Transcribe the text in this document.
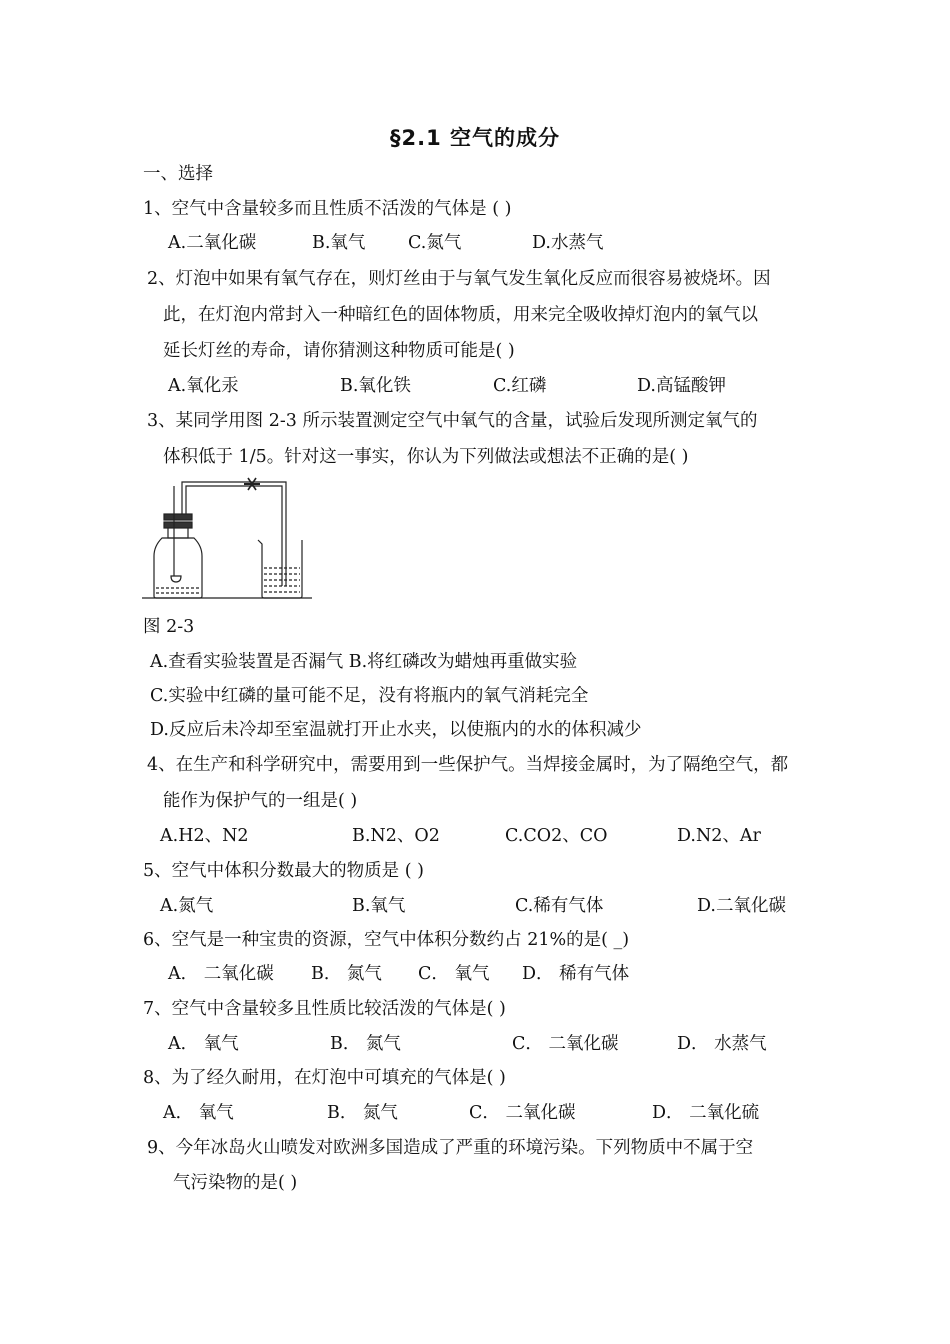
§2.1 空气的成分
一、选择
1、空气中含量较多而且性质不活泼的气体是 ( )
A.二氧化碳	B.氧气 C.氮气	D.水蒸气
2、灯泡中如果有氧气存在，则灯丝由于与氧气发生氧化反应而很容易被烧坏。因
此，在灯泡内常封入一种暗红色的固体物质，用来完全吸收掉灯泡内的氧气以
延长灯丝的寿命，请你猜测这种物质可能是( )
A.氧化汞	B.氧化铁	C.红磷	D.高锰酸钾
3、某同学用图 2-3 所示装置测定空气中氧气的含量，试验后发现所测定氧气的
体积低于 1/5。针对这一事实，你认为下列做法或想法不正确的是( )
图 2-3
A.查看实验装置是否漏气 B.将红磷改为蜡烛再重做实验
C.实验中红磷的量可能不足，没有将瓶内的氧气消耗完全
D.反应后未冷却至室温就打开止水夹，以使瓶内的水的体积减少
4、在生产和科学研究中，需要用到一些保护气。当焊接金属时，为了隔绝空气，都
能作为保护气的一组是( )
A.H2、N2	B.N2、O2	C.CO2、CO	D.N2、Ar
5、空气中体积分数最大的物质是 ( )
A.氮气	B.氧气	C.稀有气体	D.二氧化碳
6、空气是一种宝贵的资源，空气中体积分数约占 21%的是( _)
A． 二氧化碳 B． 氮气 C． 氧气 D． 稀有气体
7、空气中含量较多且性质比较活泼的气体是( )
A． 氧气	B． 氮气	C． 二氧化碳	D． 水蒸气
8、为了经久耐用，在灯泡中可填充的气体是( )
A． 氧气	B． 氮气	C． 二氧化碳	D． 二氧化硫
9、今年冰岛火山喷发对欧洲多国造成了严重的环境污染。下列物质中不属于空
气污染物的是( )
